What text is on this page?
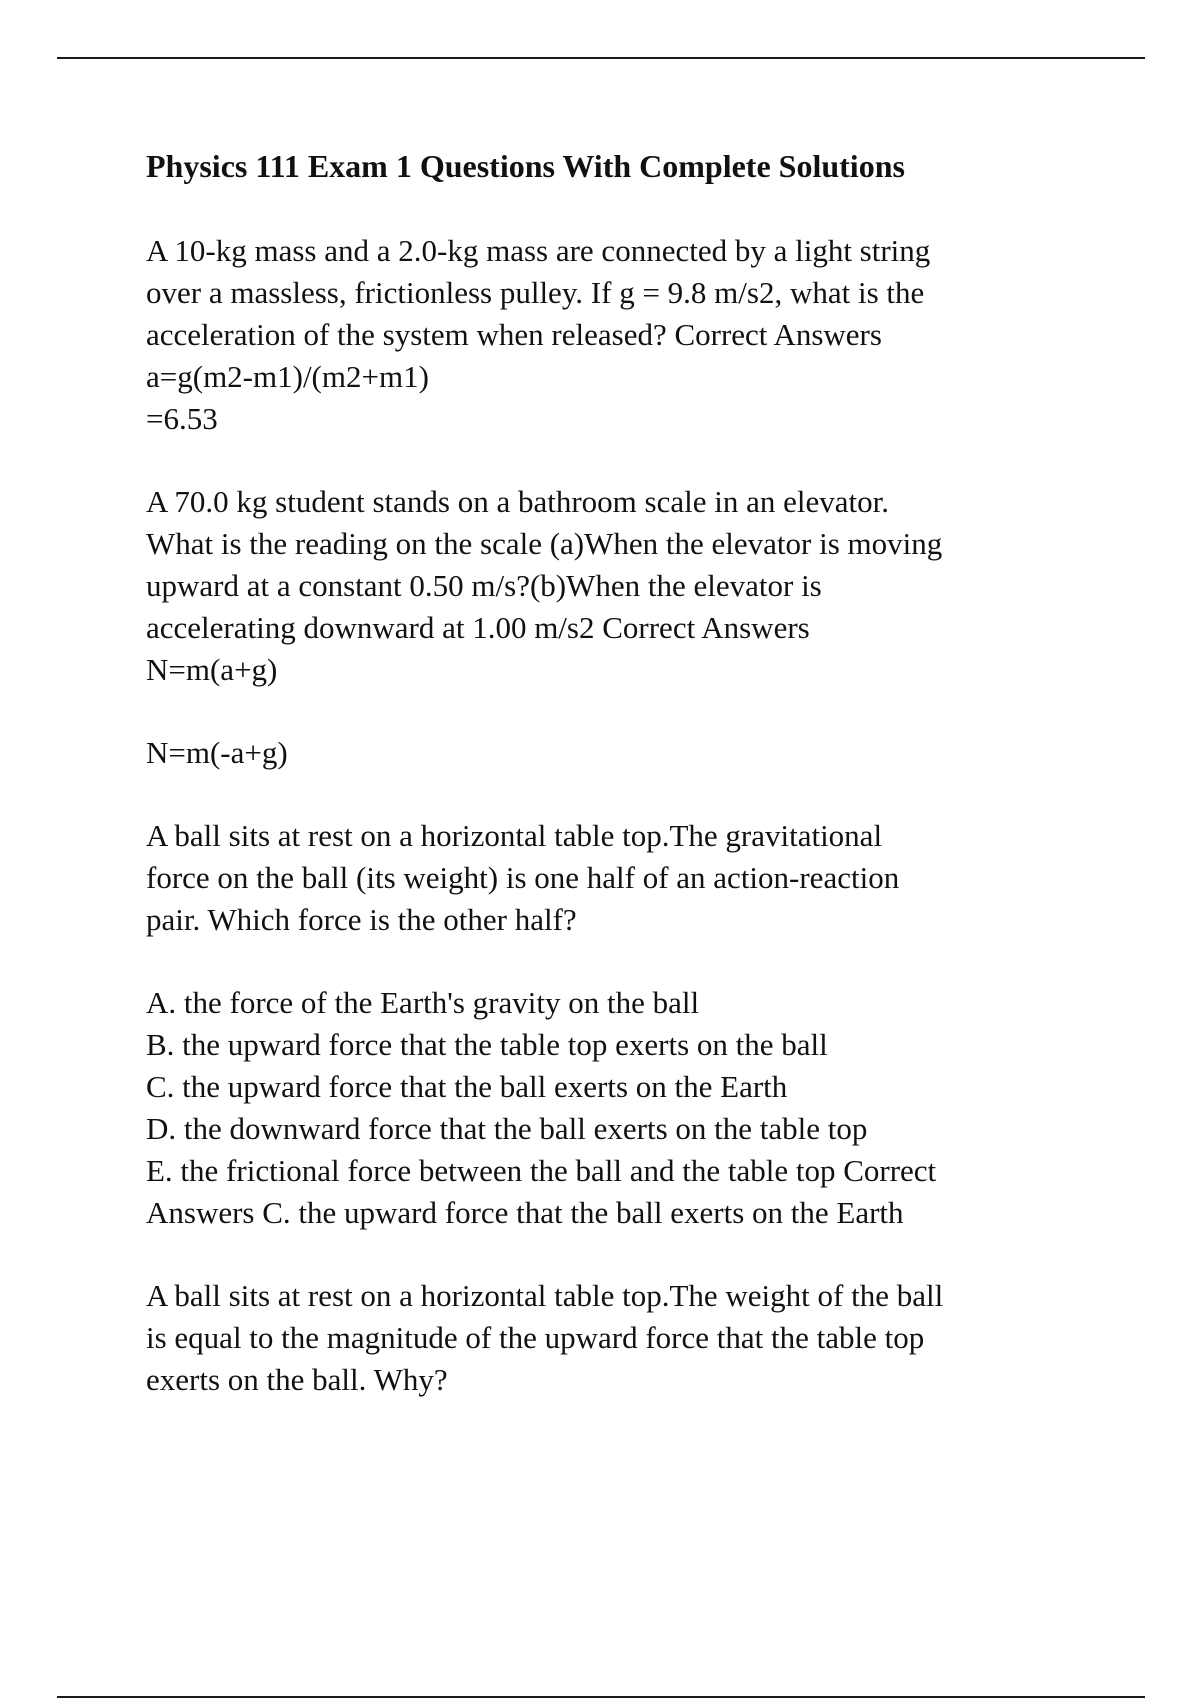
Physics 111 Exam 1 Questions With Complete Solutions
A 10-kg mass and a 2.0-kg mass are connected by a light string
over a massless, frictionless pulley. If g = 9.8 m/s2, what is the
acceleration of the system when released? Correct Answers
a=g(m2-m1)/(m2+m1)
=6.53
A 70.0 kg student stands on a bathroom scale in an elevator.
What is the reading on the scale (a)When the elevator is moving
upward at a constant 0.50 m/s?(b)When the elevator is
accelerating downward at 1.00 m/s2 Correct Answers
N=m(a+g)
N=m(-a+g)
A ball sits at rest on a horizontal table top.The gravitational
force on the ball (its weight) is one half of an action-reaction
pair. Which force is the other half?
A. the force of the Earth's gravity on the ball
B. the upward force that the table top exerts on the ball
C. the upward force that the ball exerts on the Earth
D. the downward force that the ball exerts on the table top
E. the frictional force between the ball and the table top Correct
Answers C. the upward force that the ball exerts on the Earth
A ball sits at rest on a horizontal table top.The weight of the ball
is equal to the magnitude of the upward force that the table top
exerts on the ball. Why?
